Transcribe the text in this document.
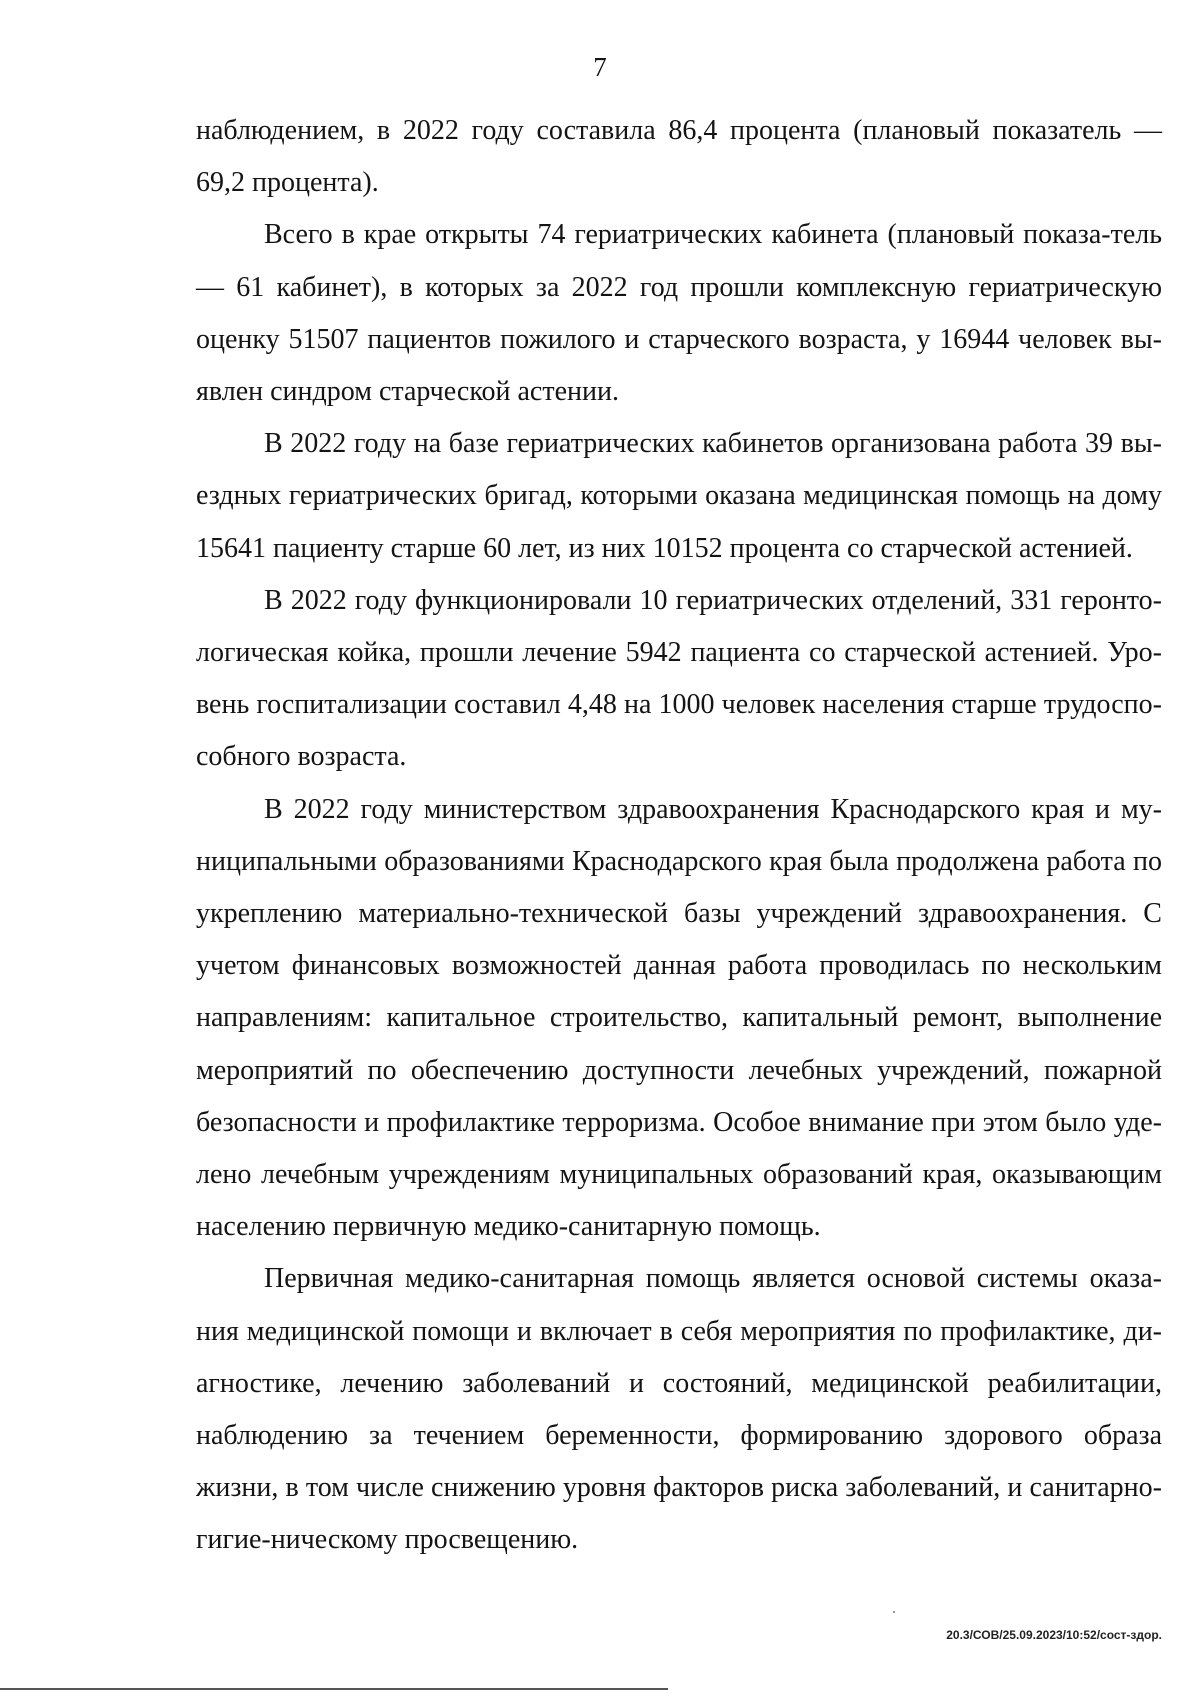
7

наблюдением, в 2022 году составила 86,4 процента (плановый показатель — 69,2 процента).

Всего в крае открыты 74 гериатрических кабинета (плановый показа-тель — 61 кабинет), в которых за 2022 год прошли комплексную гериатрическую оценку 51507 пациентов пожилого и старческого возраста, у 16944 человек вы-явлен синдром старческой астении.

В 2022 году на базе гериатрических кабинетов организована работа 39 вы-ездных гериатрических бригад, которыми оказана медицинская помощь на дому 15641 пациенту старше 60 лет, из них 10152 процента со старческой астенией.

В 2022 году функционировали 10 гериатрических отделений, 331 геронто-логическая койка, прошли лечение 5942 пациента со старческой астенией. Уро-вень госпитализации составил 4,48 на 1000 человек населения старше трудоспо-собного возраста.

В 2022 году министерством здравоохранения Краснодарского края и му-ниципальными образованиями Краснодарского края была продолжена работа по укреплению материально-технической базы учреждений здравоохранения. С учетом финансовых возможностей данная работа проводилась по нескольким направлениям: капитальное строительство, капитальный ремонт, выполнение мероприятий по обеспечению доступности лечебных учреждений, пожарной безопасности и профилактике терроризма. Особое внимание при этом было уде-лено лечебным учреждениям муниципальных образований края, оказывающим населению первичную медико-санитарную помощь.

Первичная медико-санитарная помощь является основой системы оказа-ния медицинской помощи и включает в себя мероприятия по профилактике, ди-агностике, лечению заболеваний и состояний, медицинской реабилитации, наблюдению за течением беременности, формированию здорового образа жизни, в том числе снижению уровня факторов риска заболеваний, и санитарно-гигие-ническому просвещению.

20.3/СОВ/25.09.2023/10:52/сост-здор.
